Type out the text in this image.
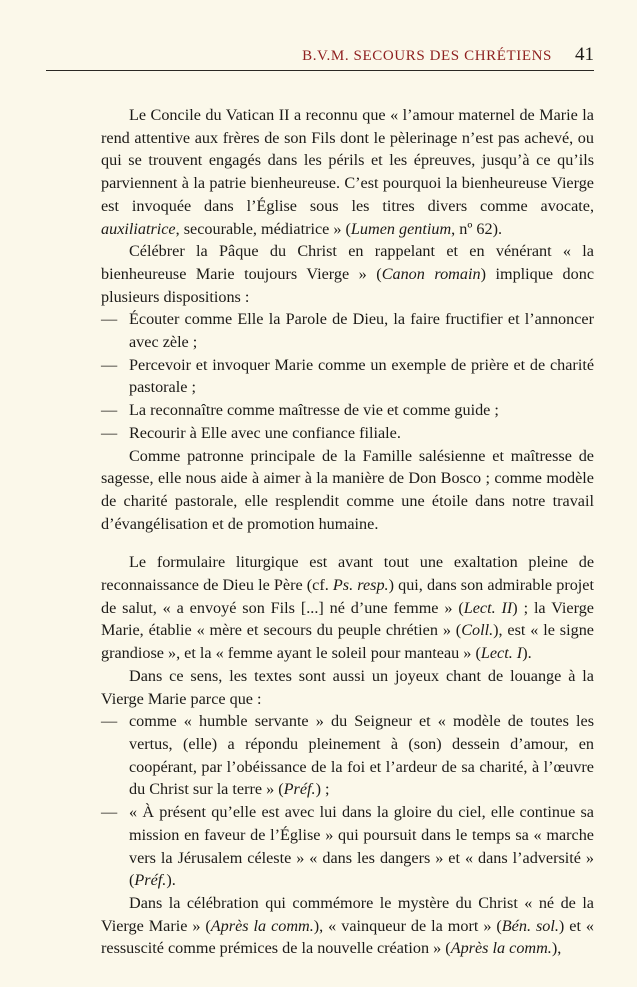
B.V.M. SECOURS DES CHRÉTIENS 41

Le Concile du Vatican II a reconnu que « l’amour maternel de Marie la rend attentive aux frères de son Fils dont le pèlerinage n’est pas achevé, ou qui se trouvent engagés dans les périls et les épreuves, jusqu’à ce qu’ils parviennent à la patrie bienheureuse. C’est pourquoi la bienheureuse Vierge est invoquée dans l’Église sous les titres divers comme avocate, auxiliatrice, secourable, médiatrice » (Lumen gentium, nº 62).

Célébrer la Pâque du Christ en rappelant et en vénérant « la bienheureuse Marie toujours Vierge » (Canon romain) implique donc plusieurs dispositions :

— Écouter comme Elle la Parole de Dieu, la faire fructifier et l’annoncer avec zèle ;

— Percevoir et invoquer Marie comme un exemple de prière et de charité pastorale ;

— La reconnaître comme maîtresse de vie et comme guide ;

— Recourir à Elle avec une confiance filiale.

Comme patronne principale de la Famille salésienne et maîtresse de sagesse, elle nous aide à aimer à la manière de Don Bosco ; comme modèle de charité pastorale, elle resplendit comme une étoile dans notre travail d’évangélisation et de promotion humaine.

Le formulaire liturgique est avant tout une exaltation pleine de reconnaissance de Dieu le Père (cf. Ps. resp.) qui, dans son admirable projet de salut, « a envoyé son Fils [...] né d’une femme » (Lect. II) ; la Vierge Marie, établie « mère et secours du peuple chrétien » (Coll.), est « le signe grandiose », et la « femme ayant le soleil pour manteau » (Lect. I).

Dans ce sens, les textes sont aussi un joyeux chant de louange à la Vierge Marie parce que :

— comme « humble servante » du Seigneur et « modèle de toutes les vertus, (elle) a répondu pleinement à (son) dessein d’amour, en coopérant, par l’obéissance de la foi et l’ardeur de sa charité, à l’œuvre du Christ sur la terre » (Préf.) ;

— « À présent qu’elle est avec lui dans la gloire du ciel, elle continue sa mission en faveur de l’Église » qui poursuit dans le temps sa « marche vers la Jérusalem céleste » « dans les dangers » et « dans l’adversité » (Préf.).

Dans la célébration qui commémore le mystère du Christ « né de la Vierge Marie » (Après la comm.), « vainqueur de la mort » (Bén. sol.) et « ressuscité comme prémices de la nouvelle création » (Après la comm.),
